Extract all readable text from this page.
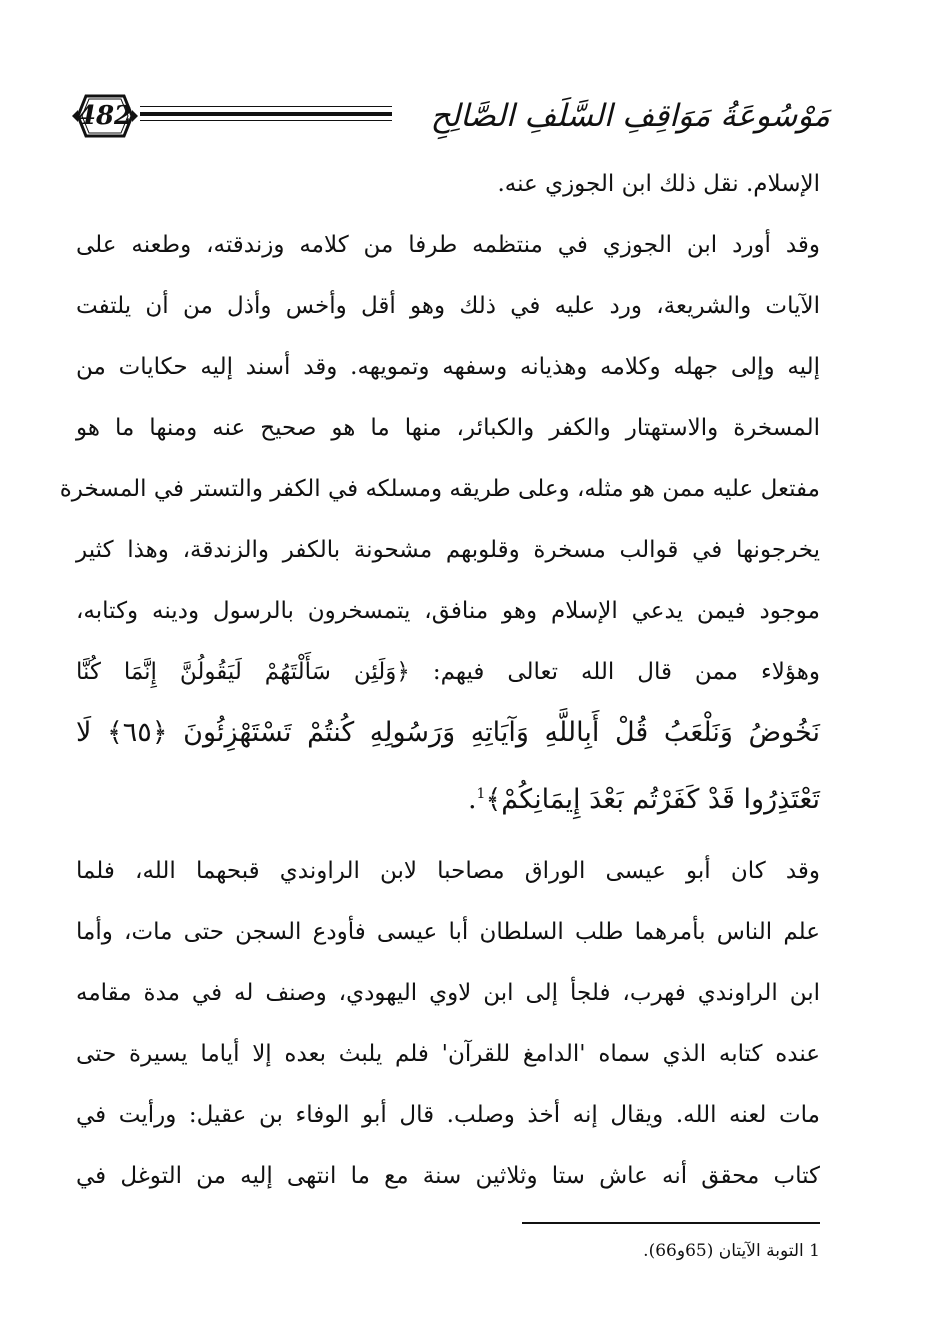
482	مَوْسُوعَةُ مَوَاقِفِ السَّلَفِ الصَّالِحِ
الإسلام. نقل ذلك ابن الجوزي عنه.
وقد أورد ابن الجوزي في منتظمه طرفا من كلامه وزندقته، وطعنه على
الآيات والشريعة، ورد عليه في ذلك وهو أقل وأخس وأذل من أن يلتفت
إليه وإلى جهله وكلامه وهذيانه وسفهه وتمويهه. وقد أسند إليه حكايات من
المسخرة والاستهتار والكفر والكبائر، منها ما هو صحيح عنه ومنها ما هو
مفتعل عليه ممن هو مثله، وعلى طريقه ومسلكه في الكفر والتستر في المسخرة
يخرجونها في قوالب مسخرة وقلوبهم مشحونة بالكفر والزندقة، وهذا كثير
موجود فيمن يدعي الإسلام وهو منافق، يتمسخرون بالرسول ودينه وكتابه،
وهؤلاء ممن قال الله تعالى فيهم: ﴿وَلَئِن سَأَلْتَهُمْ لَيَقُولُنَّ إِنَّمَا كُنَّا
نَخُوضُ وَنَلْعَبُ قُلْ أَبِاللَّهِ وَآيَاتِهِ وَرَسُولِهِ كُنتُمْ تَسْتَهْزِئُونَ ﴿٦٥﴾ لَا
تَعْتَذِرُوا قَدْ كَفَرْتُم بَعْدَ إِيمَانِكُمْ﴾$^1$.
وقد كان أبو عيسى الوراق مصاحبا لابن الراوندي قبحهما الله، فلما
علم الناس بأمرهما طلب السلطان أبا عيسى فأودع السجن حتى مات، وأما
ابن الراوندي فهرب، فلجأ إلى ابن لاوي اليهودي، وصنف له في مدة مقامه
عنده كتابه الذي سماه 'الدامغ للقرآن' فلم يلبث بعده إلا أياما يسيرة حتى
مات لعنه الله. ويقال إنه أخذ وصلب. قال أبو الوفاء بن عقيل: ورأيت في
كتاب محقق أنه عاش ستا وثلاثين سنة مع ما انتهى إليه من التوغل في
1 التوبة الآيتان (65و66).
